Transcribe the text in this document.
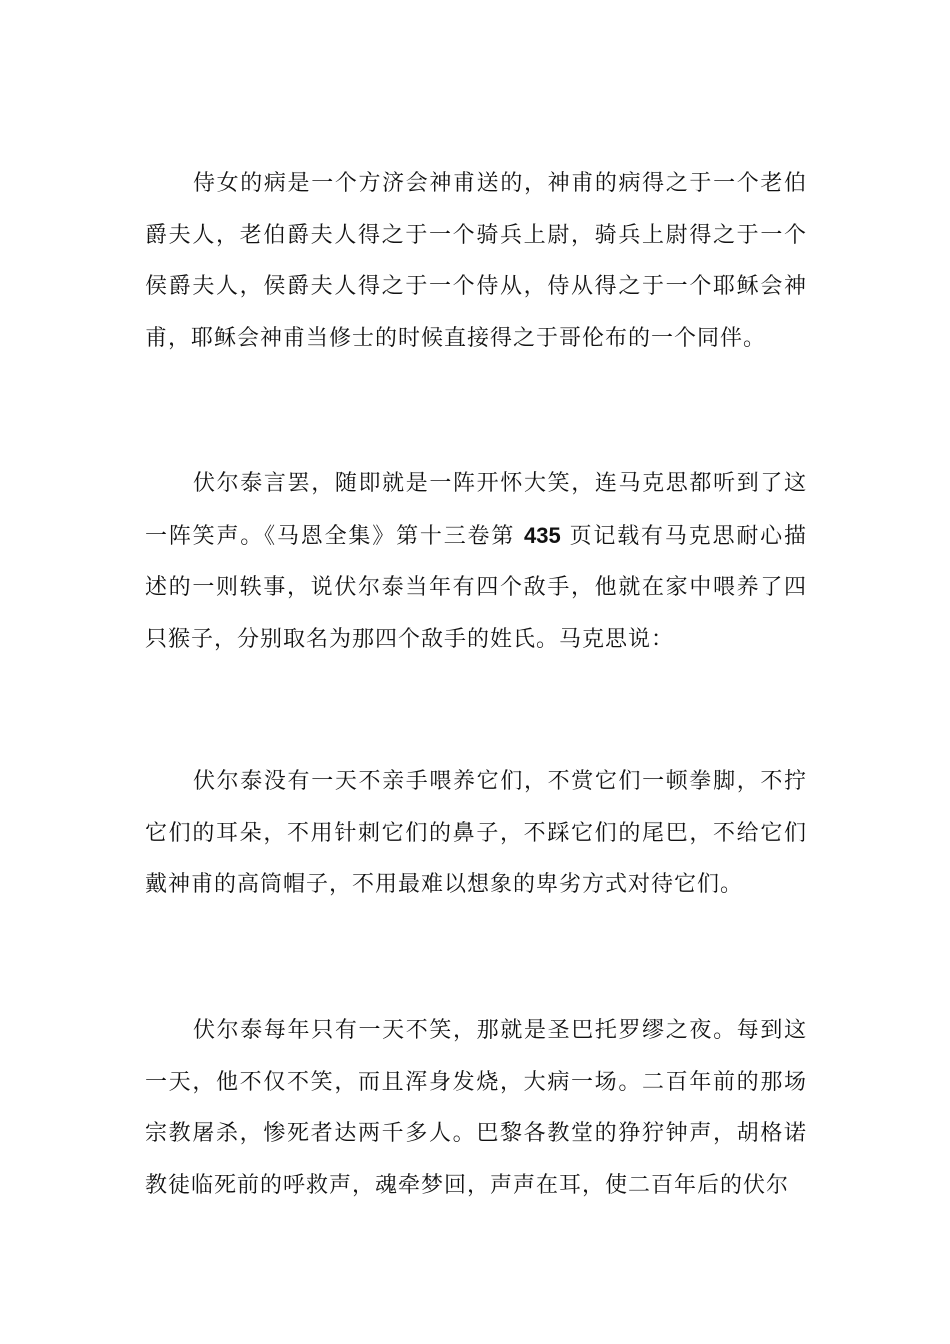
侍女的病是一个方济会神甫送的，神甫的病得之于一个老伯爵夫人，老伯爵夫人得之于一个骑兵上尉，骑兵上尉得之于一个侯爵夫人，侯爵夫人得之于一个侍从，侍从得之于一个耶稣会神甫，耶稣会神甫当修士的时候直接得之于哥伦布的一个同伴。

伏尔泰言罢，随即就是一阵开怀大笑，连马克思都听到了这一阵笑声。《马恩全集》第十三卷第 435 页记载有马克思耐心描述的一则轶事，说伏尔泰当年有四个敌手，他就在家中喂养了四只猴子，分别取名为那四个敌手的姓氏。马克思说：

伏尔泰没有一天不亲手喂养它们，不赏它们一顿拳脚，不拧它们的耳朵，不用针刺它们的鼻子，不踩它们的尾巴，不给它们戴神甫的高筒帽子，不用最难以想象的卑劣方式对待它们。

伏尔泰每年只有一天不笑，那就是圣巴托罗缪之夜。每到这一天，他不仅不笑，而且浑身发烧，大病一场。二百年前的那场宗教屠杀，惨死者达两千多人。巴黎各教堂的狰狞钟声，胡格诺教徒临死前的呼救声，魂牵梦回，声声在耳，使二百年后的伏尔
